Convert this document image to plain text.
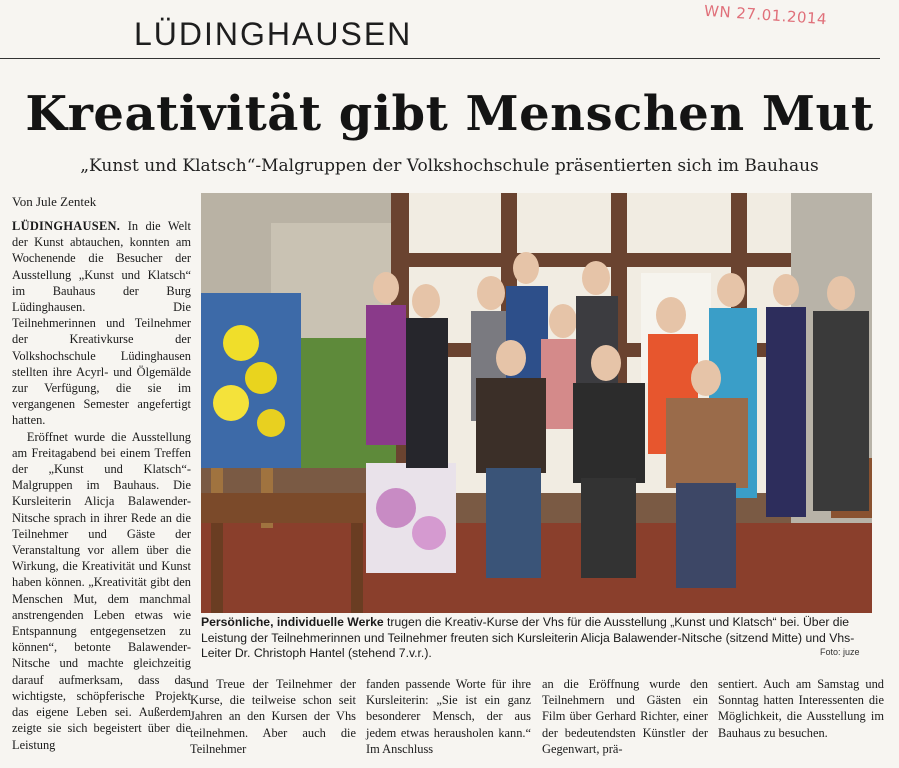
LÜDINGHAUSEN
WN 27.01.2014
Kreativität gibt Menschen Mut
„Kunst und Klatsch“-Malgruppen der Volkshochschule präsentierten sich im Bauhaus
Von Jule Zentek

LÜDINGHAUSEN. In die Welt der Kunst abtauchen, konnten am Wochenende die Besucher der Ausstellung „Kunst und Klatsch“ im Bauhaus der Burg Lüdinghausen. Die Teilnehmerinnen und Teilnehmer der Kreativkurse der Volkshochschule Lüdinghausen stellten ihre Acyrl- und Ölgemälde zur Verfügung, die sie im vergangenen Semester angefertigt hatten.

Eröffnet wurde die Ausstellung am Freitagabend bei einem Treffen der „Kunst und Klatsch“-Malgruppen im Bauhaus. Die Kursleiterin Alicja Balawender-Nitsche sprach in ihrer Rede an die Teilnehmer und Gäste der Veranstaltung vor allem über die Wirkung, die Kreativität und Kunst haben können. „Kreativität gibt den Menschen Mut, dem manchmal anstrengenden Leben etwas wie Entspannung entgegensetzen zu können“, betonte Balawender-Nitsche und machte gleichzeitig darauf aufmerksam, dass das wichtigste, schöpferische Projekt das eigene Leben sei. Außerdem zeigte sie sich begeistert über die Leistung

Persönliche, individuelle Werke trugen die Kreativ-Kurse der Vhs für die Ausstellung „Kunst und Klatsch“ bei. Über die Leistung der Teilnehmerinnen und Teilnehmer freuten sich Kursleiterin Alicja Balawender-Nitsche (sitzend Mitte) und Vhs-Leiter Dr. Christoph Hantel (stehend 7.v.r.).	Foto: juze
und Treue der Teilnehmer der Kurse, die teilweise schon seit Jahren an den Kursen der Vhs teilnehmen. Aber auch die Teilnehmer
fanden passende Worte für ihre Kursleiterin: „Sie ist ein ganz besonderer Mensch, der aus jedem etwas herausholen kann.“ Im Anschluss
an die Eröffnung wurde den Teilnehmern und Gästen ein Film über Gerhard Richter, einer der bedeutendsten Künstler der Gegenwart, prä-
sentiert. Auch am Samstag und Sonntag hatten Interessenten die Möglichkeit, die Ausstellung im Bauhaus zu besuchen.
